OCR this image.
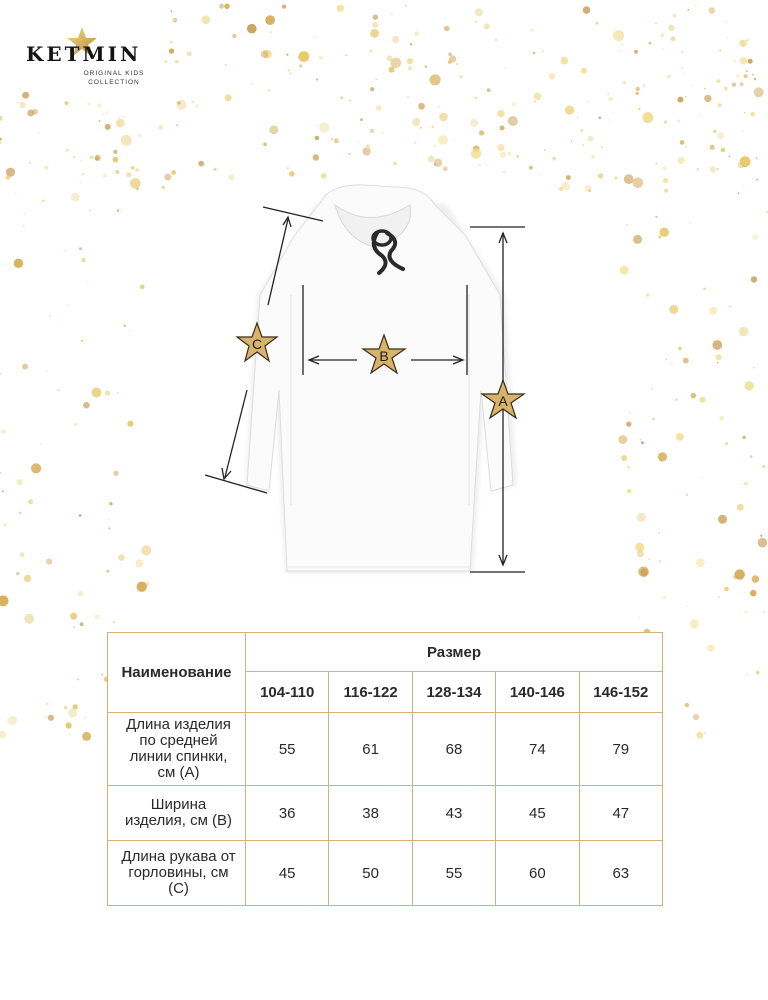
KETMIN
ORIGINAL KIDS
COLLECTION
C
B
A
Наименование	Размер				
	104-110	116-122	128-134	140-146	146-152
Длина изделия по средней линии спинки, см (А)	55	61	68	74	79
Ширина изделия, см (В)	36	38	43	45	47
Длина рукава от горловины, см (С)	45	50	55	60	63
